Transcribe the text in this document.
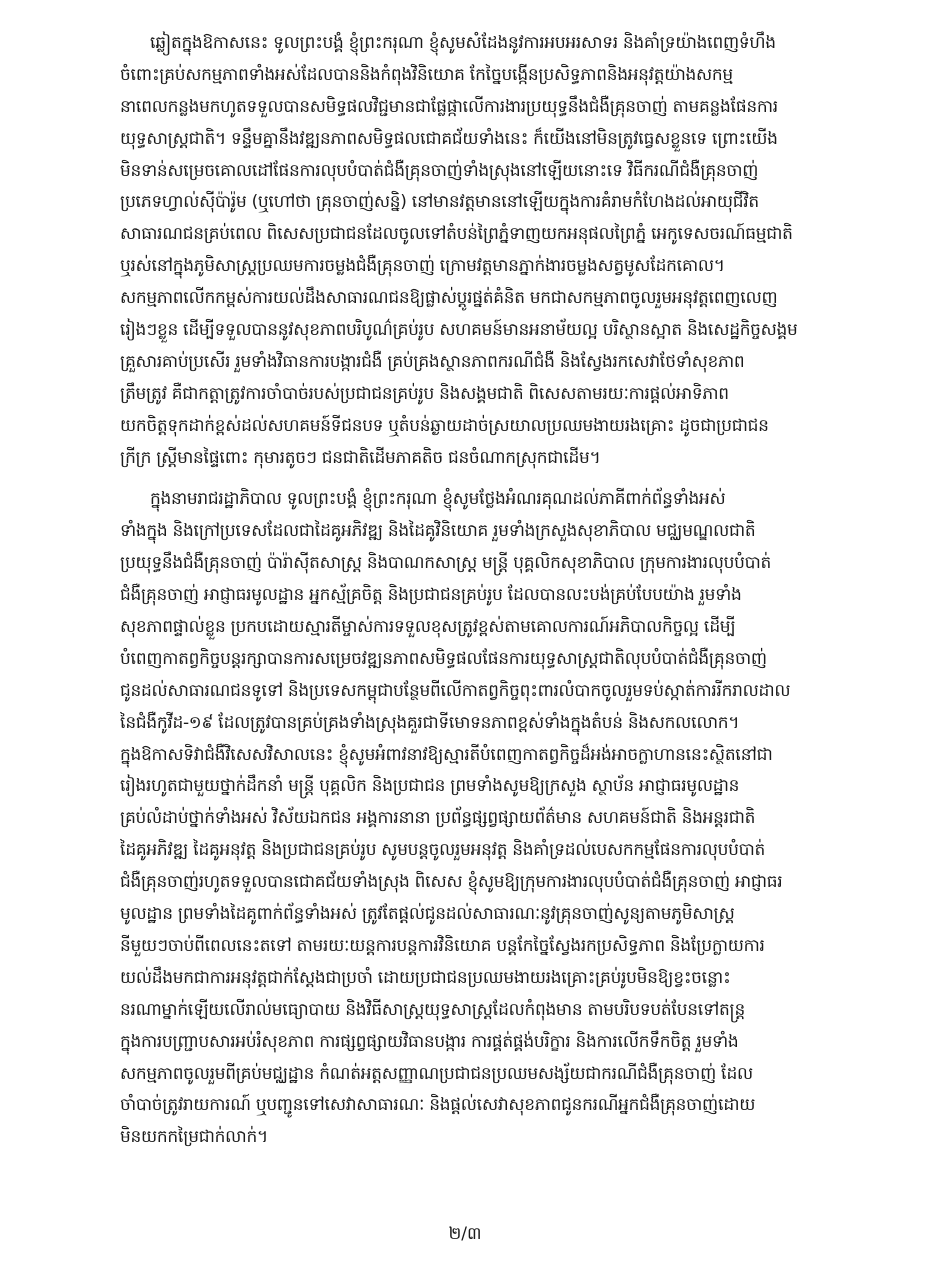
ឆ្លៀតក្នុងឱកាសនេះ ទូលព្រះបង្គំ ខ្ញុំព្រះករុណា ខ្ញុំសូមសំដែងនូវការអបអរសាទរ និងគាំទ្រយ៉ាងពេញទំហឹង
ចំពោះគ្រប់សកម្មភាពទាំងអស់ដែលបាននិងកំពុងវិនិយោគ កែច្នៃបង្កើនប្រសិទ្ធភាពនិងអនុវត្តយ៉ាងសកម្ម
នាពេលកន្លងមកហូតទទួលបានសមិទ្ធផលវិជ្ជមានជាផ្លែផ្កាលើការងារប្រយុទ្ធនឹងជំងឺគ្រុនចាញ់ តាមគន្លងផែនការ
យុទ្ធសាស្ត្រជាតិ។ ទន្ទឹមគ្នានឹងវឌ្ឍនភាពសមិទ្ធផលជោគជ័យទាំងនេះ ក៏យើងនៅមិនត្រូវធ្វេសខ្លួនទេ ព្រោះយើង
មិនទាន់សម្រេចគោលដៅផែនការលុបបំបាត់ជំងឺគ្រុនចាញ់ទាំងស្រុងនៅឡើយនោះទេ វិធីករណីជំងឺគ្រុនចាញ់
ប្រភេទហ្វាល់ស៊ីប៉ារ៉ូម (ឬហៅថា គ្រុនចាញ់សន្និ) នៅមានវត្តមាននៅឡើយក្នុងការគំរាមកំហែងដល់អាយុជីវិត
សាធារណជនគ្រប់ពេល ពិសេសប្រជាជនដែលចូលទៅតំបន់ព្រៃភ្នំទាញយកអនុផលព្រៃភ្នំ អេកូទេសចរណ៍ធម្មជាតិ
ឬរស់នៅក្នុងភូមិសាស្ត្រប្រឈមការចម្លងជំងឺគ្រុនចាញ់ ក្រោមវត្តមានភ្នាក់ងារចម្លងសត្វមូសដែកគោល។
សកម្មភាពលើកកម្ពស់ការយល់ដឹងសាធារណជនឱ្យផ្លាស់ប្តូរផ្នត់គំនិត មកជាសកម្មភាពចូលរួមអនុវត្តពេញលេញ
រៀងៗខ្លួន ដើម្បីទទួលបាននូវសុខភាពបរិបូណ៌គ្រប់រូប សហគមន៍មានអនាម័យល្អ បរិស្ថានស្អាត និងសេដ្ឋកិច្ចសង្គម
គ្រួសារគាប់ប្រសើរ រួមទាំងវិធានការបង្ការជំងឺ គ្រប់គ្រងស្ថានភាពករណីជំងឺ និងស្វែងរកសេវាថែទាំសុខភាព
ត្រឹមត្រូវ គឺជាកត្តាត្រូវការចាំបាច់របស់ប្រជាជនគ្រប់រូប និងសង្គមជាតិ ពិសេសតាមរយៈការផ្តល់អាទិភាព
យកចិត្តទុកដាក់ខ្ពស់ដល់សហគមន៍ទីជនបទ ឬតំបន់ឆ្ងាយដាច់ស្រយាលប្រឈមងាយរងគ្រោះ ដូចជាប្រជាជន
ក្រីក្រ ស្ត្រីមានផ្ទៃពោះ កុមារតូចៗ ជនជាតិដើមភាគតិច ជនចំណាកស្រុកជាដើម។
ក្នុងនាមរាជរដ្ឋាភិបាល ទូលព្រះបង្គំ ខ្ញុំព្រះករុណា ខ្ញុំសូមថ្លែងអំណរគុណដល់ភាគីពាក់ព័ន្ធទាំងអស់
ទាំងក្នុង និងក្រៅប្រទេសដែលជាដៃគូអភិវឌ្ឍ និងដៃគូវិនិយោគ រួមទាំងក្រសួងសុខាភិបាល មជ្ឈមណ្ឌលជាតិ
ប្រយុទ្ធនឹងជំងឺគ្រុនចាញ់ ប៉ារ៉ាស៊ីតសាស្ត្រ និងបាណកសាស្ត្រ មន្ត្រី បុគ្គលិកសុខាភិបាល ក្រុមការងារលុបបំបាត់
ជំងឺគ្រុនចាញ់ អាជ្ញាធរមូលដ្ឋាន អ្នកស្ម័គ្រចិត្ត និងប្រជាជនគ្រប់រូប ដែលបានលះបង់គ្រប់បែបយ៉ាង រួមទាំង
សុខភាពផ្ទាល់ខ្លួន ប្រកបដោយស្មារតីម្ចាស់ការទទួលខុសត្រូវខ្ពស់តាមគោលការណ៍អភិបាលកិច្ចល្អ ដើម្បី
បំពេញកាតព្វកិច្ចបន្តរក្សាបានការសម្រេចវឌ្ឍនភាពសមិទ្ធផលផែនការយុទ្ធសាស្ត្រជាតិលុបបំបាត់ជំងឺគ្រុនចាញ់
ជូនដល់សាធារណជនទូទៅ និងប្រទេសកម្ពុជាបន្ថែមពីលើកាតព្វកិច្ចពុះពារលំបាកចូលរួមទប់ស្កាត់ការរីករាលដាល
នៃជំងឺកូវីដ-១៩ ដែលត្រូវបានគ្រប់គ្រងទាំងស្រុងគួរជាទីមោទនភាពខ្ពស់ទាំងក្នុងតំបន់ និងសកលលោក។
ក្នុងឱកាសទិវាជំងឺវិសេសវិសាលនេះ ខ្ញុំសូមអំពាវនាវឱ្យស្មារតីបំពេញកាតព្វកិច្ចដ៏អង់អាចក្លាហាននេះស្ថិតនៅជា
រៀងរហូតជាមួយថ្នាក់ដឹកនាំ មន្ត្រី បុគ្គលិក និងប្រជាជន ព្រមទាំងសូមឱ្យក្រសួង ស្ថាប័ន អាជ្ញាធរមូលដ្ឋាន
គ្រប់លំដាប់ថ្នាក់ទាំងអស់ វិស័យឯកជន អង្គការនានា ប្រព័ន្ធផ្សព្វផ្សាយព័ត៌មាន សហគមន៍ជាតិ និងអន្តរជាតិ
ដៃគូអភិវឌ្ឍ ដៃគូអនុវត្ត និងប្រជាជនគ្រប់រូប សូមបន្តចូលរួមអនុវត្ត និងគាំទ្រដល់បេសកកម្មផែនការលុបបំបាត់
ជំងឺគ្រុនចាញ់រហូតទទួលបានជោគជ័យទាំងស្រុង ពិសេស ខ្ញុំសូមឱ្យក្រុមការងារលុបបំបាត់ជំងឺគ្រុនចាញ់ អាជ្ញាធរ
មូលដ្ឋាន ព្រមទាំងដៃគូពាក់ព័ន្ធទាំងអស់ ត្រូវតែផ្តល់ជូនដល់សាធារណៈនូវគ្រុនចាញ់សូន្យតាមភូមិសាស្ត្រ
នីមួយៗចាប់ពីពេលនេះតទៅ តាមរយៈយន្តការបន្តការវិនិយោគ បន្តកែច្នៃស្វែងរកប្រសិទ្ធភាព និងប្រែក្លាយការ
យល់ដឹងមកជាការអនុវត្តជាក់ស្តែងជាប្រចាំ ដោយប្រជាជនប្រឈមងាយរងគ្រោះគ្រប់រូបមិនឱ្យខ្វះចន្លោះ
នរណាម្នាក់ឡើយលើរាល់មធ្យោបាយ និងវិធីសាស្ត្រយុទ្ធសាស្ត្រដែលកំពុងមាន តាមបរិបទបត់បែនទៅតន្ត្រ
ក្នុងការបញ្ជ្រាបសារអប់រំសុខភាព ការផ្សព្វផ្សាយវិធានបង្ការ ការផ្គត់ផ្គង់បរិក្ខារ និងការលើកទឹកចិត្ត រួមទាំង
សកម្មភាពចូលរួមពីគ្រប់មជ្ឈដ្ឋាន កំណត់អត្តសញ្ញាណប្រជាជនប្រឈមសង្ស័យជាករណីជំងឺគ្រុនចាញ់ ដែល
ចាំបាច់ត្រូវរាយការណ៍ ឬបញ្ជូនទៅសេវាសាធារណៈ និងផ្តល់សេវាសុខភាពជូនករណីអ្នកជំងឺគ្រុនចាញ់ដោយ
មិនយកកម្រៃជាក់លាក់។
២/៣
